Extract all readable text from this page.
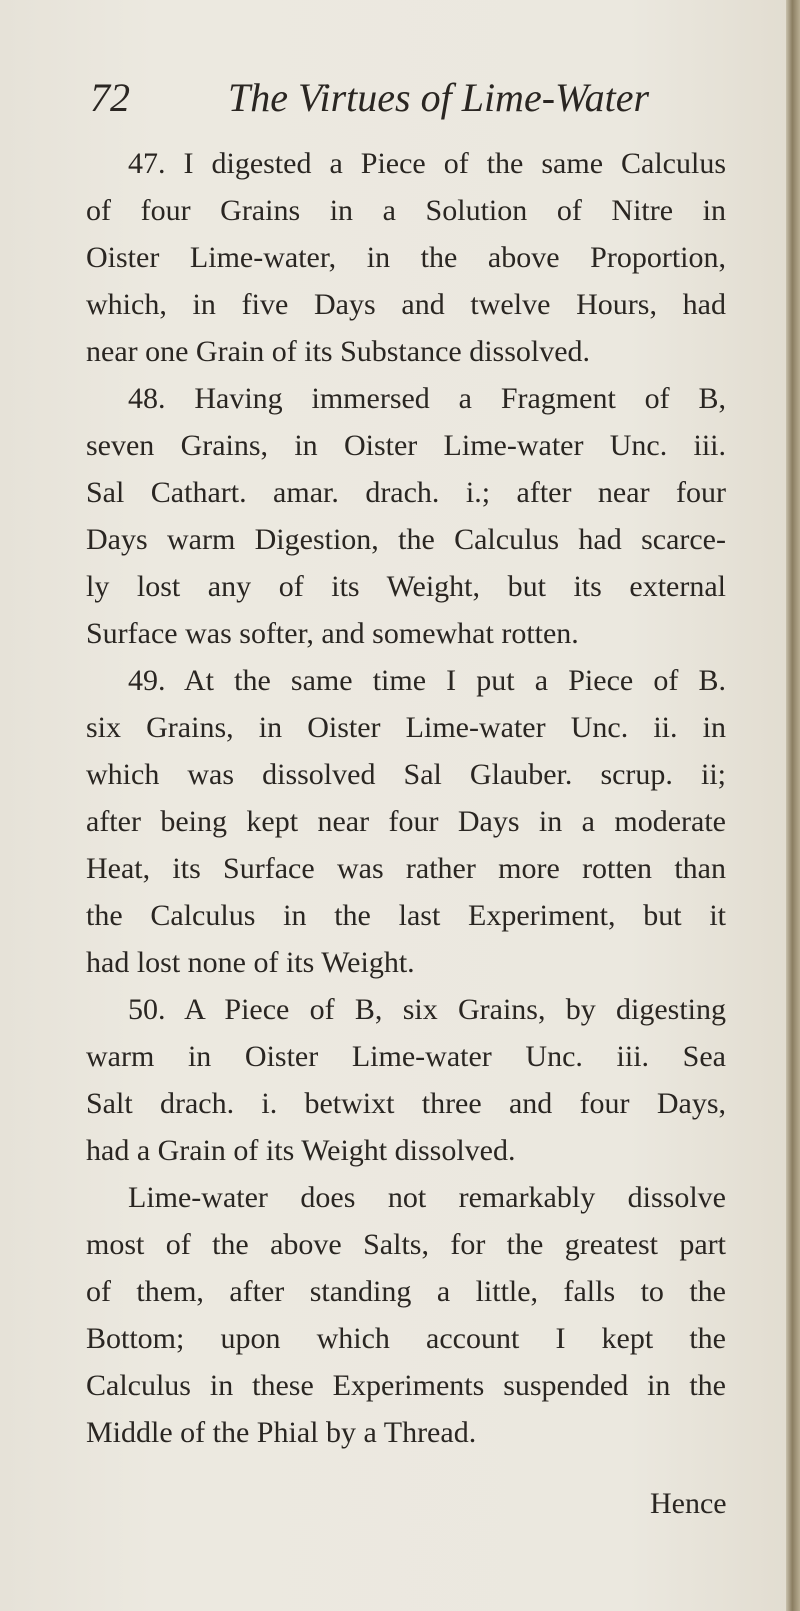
72 The Virtues of Lime-Water
47. I digested a Piece of the same Calculus
of four Grains in a Solution of Nitre in
Oister Lime-water, in the above Proportion,
which, in five Days and twelve Hours, had
near one Grain of its Substance dissolved.
48. Having immersed a Fragment of B,
seven Grains, in Oister Lime-water Unc. iii.
Sal Cathart. amar. drach. i.; after near four
Days warm Digestion, the Calculus had scarce-
ly lost any of its Weight, but its external
Surface was softer, and somewhat rotten.
49. At the same time I put a Piece of B.
six Grains, in Oister Lime-water Unc. ii. in
which was dissolved Sal Glauber. scrup. ii;
after being kept near four Days in a moderate
Heat, its Surface was rather more rotten than
the Calculus in the last Experiment, but it
had lost none of its Weight.
50. A Piece of B, six Grains, by digesting
warm in Oister Lime-water Unc. iii. Sea
Salt drach. i. betwixt three and four Days,
had a Grain of its Weight dissolved.
Lime-water does not remarkably dissolve
most of the above Salts, for the greatest part
of them, after standing a little, falls to the
Bottom; upon which account I kept the
Calculus in these Experiments suspended in the
Middle of the Phial by a Thread.
Hence
